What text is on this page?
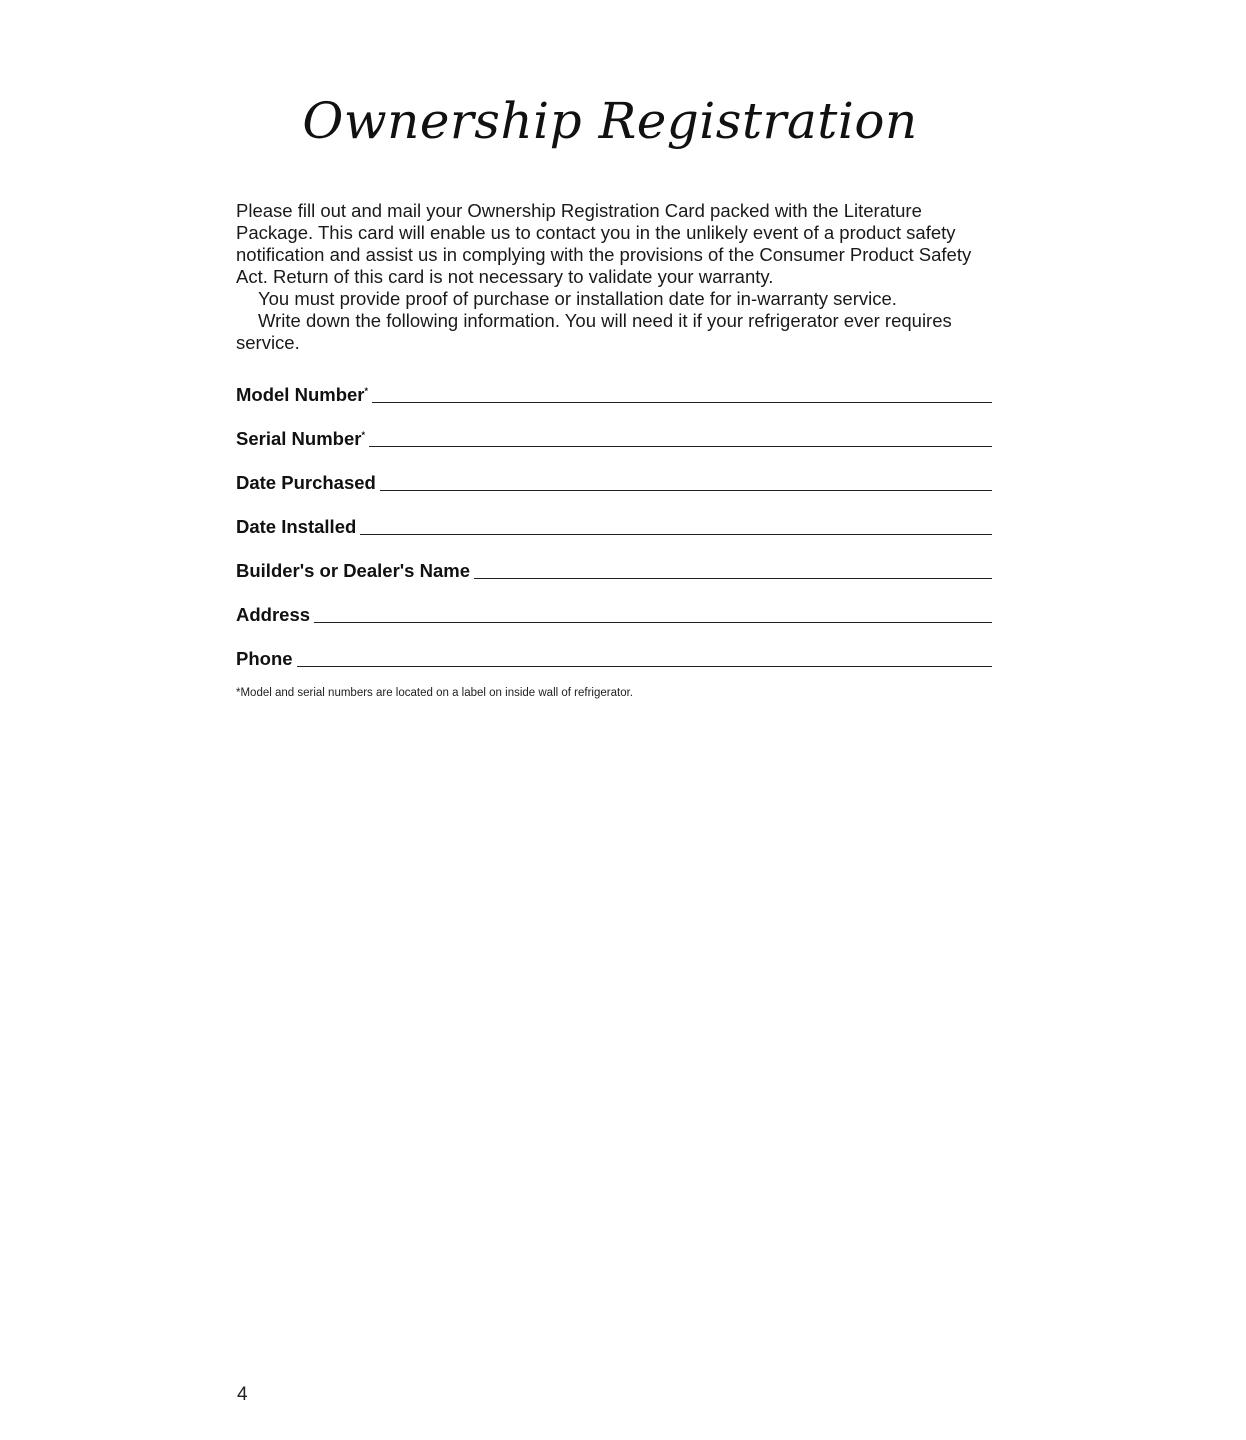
Ownership Registration

Please fill out and mail your Ownership Registration Card packed with the Literature Package. This card will enable us to contact you in the unlikely event of a product safety notification and assist us in complying with the provisions of the Consumer Product Safety Act. Return of this card is not necessary to validate your warranty.

You must provide proof of purchase or installation date for in-warranty service.

Write down the following information. You will need it if your refrigerator ever requires service.

Model Number*
Serial Number*
Date Purchased
Date Installed
Builder's or Dealer's Name
Address
Phone
*Model and serial numbers are located on a label on inside wall of refrigerator.
4
